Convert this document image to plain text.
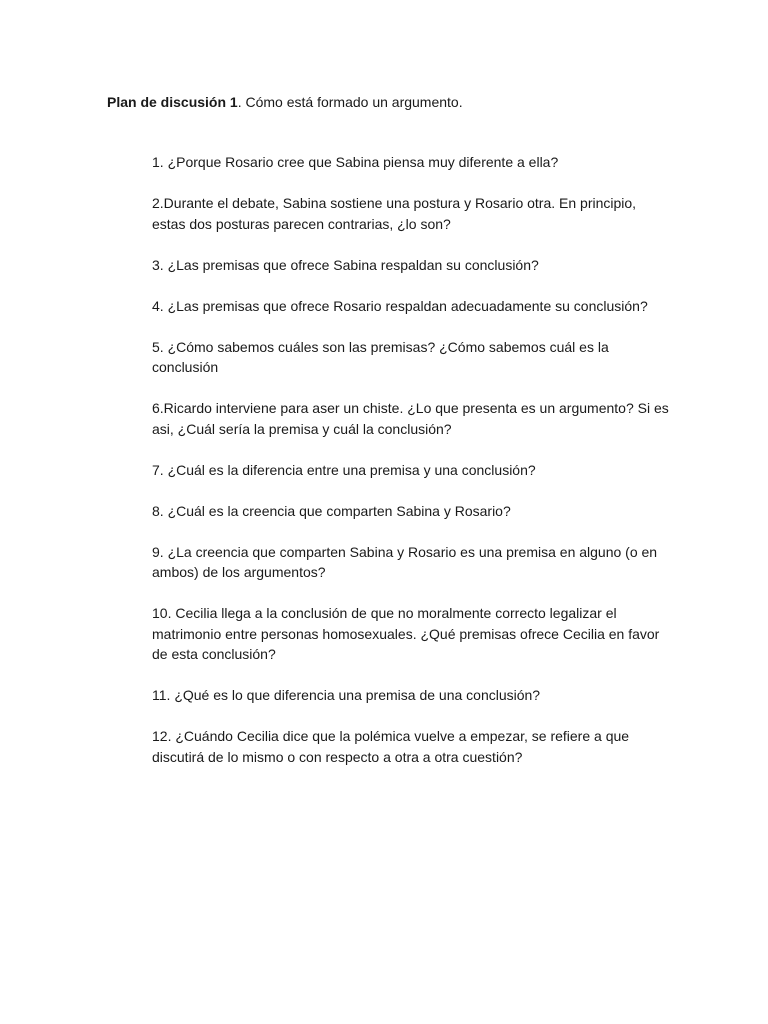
Plan de discusión 1. Cómo está formado un argumento.
1. ¿Porque Rosario cree que Sabina piensa muy diferente a ella?
2.Durante el debate, Sabina sostiene una postura y Rosario otra. En principio, estas dos posturas parecen contrarias, ¿lo son?
3. ¿Las premisas que ofrece Sabina respaldan su conclusión?
4. ¿Las premisas que ofrece Rosario respaldan adecuadamente su conclusión?
5. ¿Cómo sabemos cuáles son las premisas? ¿Cómo sabemos cuál es la conclusión
6.Ricardo interviene para aser un chiste. ¿Lo que presenta es un argumento? Si es asi, ¿Cuál sería la premisa y cuál la conclusión?
7. ¿Cuál es la diferencia entre una premisa y una conclusión?
8. ¿Cuál es la creencia que comparten Sabina y Rosario?
9. ¿La creencia que comparten Sabina y Rosario es una premisa en alguno (o en ambos) de los argumentos?
10. Cecilia llega a la conclusión de que no moralmente correcto legalizar el matrimonio entre personas homosexuales. ¿Qué premisas ofrece Cecilia en favor de esta conclusión?
11. ¿Qué es lo que diferencia una premisa de una conclusión?
12. ¿Cuándo Cecilia dice que la polémica vuelve a empezar, se refiere a que discutirá de lo mismo o con respecto a otra a otra cuestión?
